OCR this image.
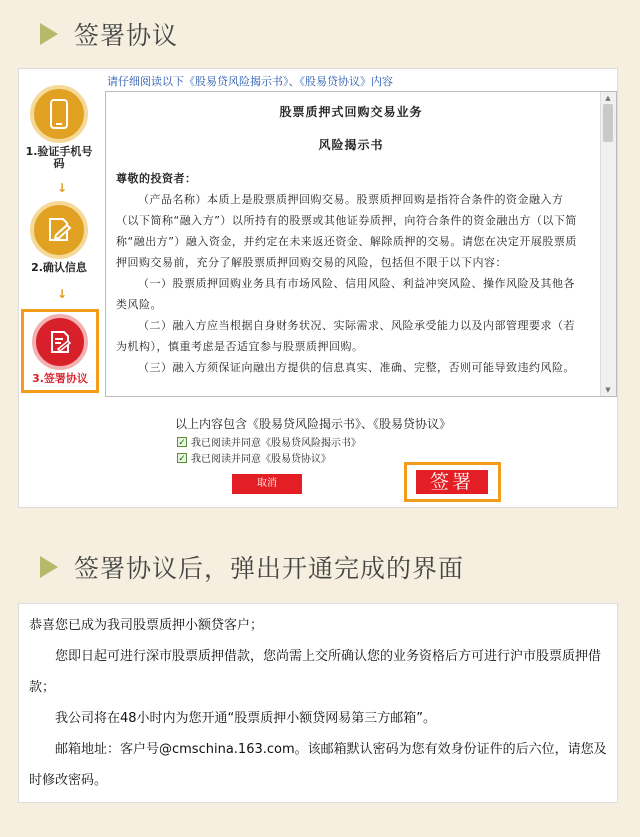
签署协议
1.验证手机号码
↓
2.确认信息
↓
3.签署协议
请仔细阅读以下《股易贷风险揭示书》、《股易贷协议》内容
股票质押式回购交易业务
风险揭示书

尊敬的投资者：

（产品名称）本质上是股票质押回购交易。股票质押回购是指符合条件的资金融入方（以下简称“融入方”）以所持有的股票或其他证券质押，向符合条件的资金融出方（以下简称“融出方”）融入资金，并约定在未来返还资金、解除质押的交易。请您在决定开展股票质押回购交易前，充分了解股票质押回购交易的风险，包括但不限于以下内容：

（一）股票质押回购业务具有市场风险、信用风险、利益冲突风险、操作风险及其他各类风险。

（二）融入方应当根据自身财务状况、实际需求、风险承受能力以及内部管理要求（若为机构），慎重考虑是否适宜参与股票质押回购。

（三）融入方须保证向融出方提供的信息真实、准确、完整，否则可能导致违约风险。

▲
▼
以上内容包含《股易贷风险揭示书》、《股易贷协议》
✓ 我已阅读并同意《股易贷风险揭示书》
✓ 我已阅读并同意《股易贷协议》
取消	签署
签署协议后，弹出开通完成的界面

恭喜您已成为我司股票质押小额贷客户；

您即日起可进行深市股票质押借款，您尚需上交所确认您的业务资格后方可进行沪市股票质押借款；

我公司将在48小时内为您开通“股票质押小额贷网易第三方邮箱”。

邮箱地址：客户号@cmschina.163.com。该邮箱默认密码为您有效身份证件的后六位，请您及时修改密码。
